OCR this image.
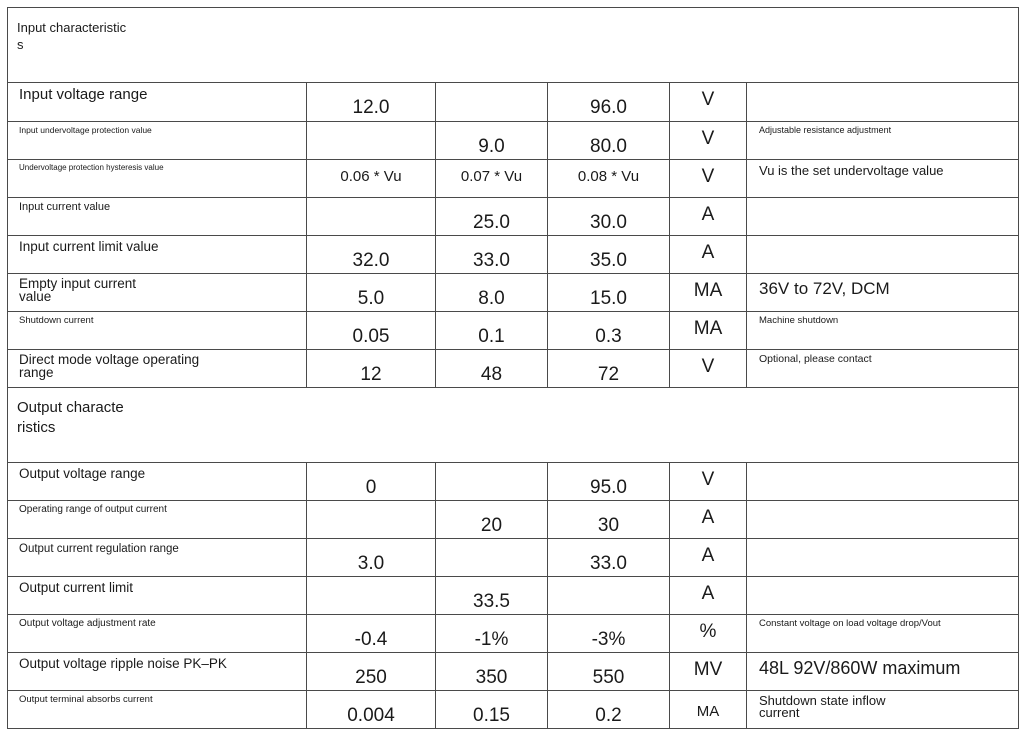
Input characteristic
s					
Input voltage range	12.0		96.0	V	
Input undervoltage protection value		9.0	80.0	V	Adjustable resistance adjustment
Undervoltage protection hysteresis value	0.06 * Vu	0.07 * Vu	0.08 * Vu	V	Vu is the set undervoltage value
Input current value		25.0	30.0	A	
Input current limit value	32.0	33.0	35.0	A	
Empty input current
value	5.0	8.0	15.0	MA	36V to 72V, DCM
Shutdown current	0.05	0.1	0.3	MA	Machine shutdown
Direct mode voltage operating
range	12	48	72	V	Optional, please contact
Output characte
ristics					
Output voltage range	0		95.0	V	
Operating range of output current		20	30	A	
Output current regulation range	3.0		33.0	A	
Output current limit		33.5		A	
Output voltage adjustment rate	-0.4	-1%	-3%	%	Constant voltage on load voltage drop/Vout
Output voltage ripple noise PK–PK	250	350	550	MV	48L 92V/860W maximum
Output terminal absorbs current	0.004	0.15	0.2	MA	Shutdown state inflow
current
